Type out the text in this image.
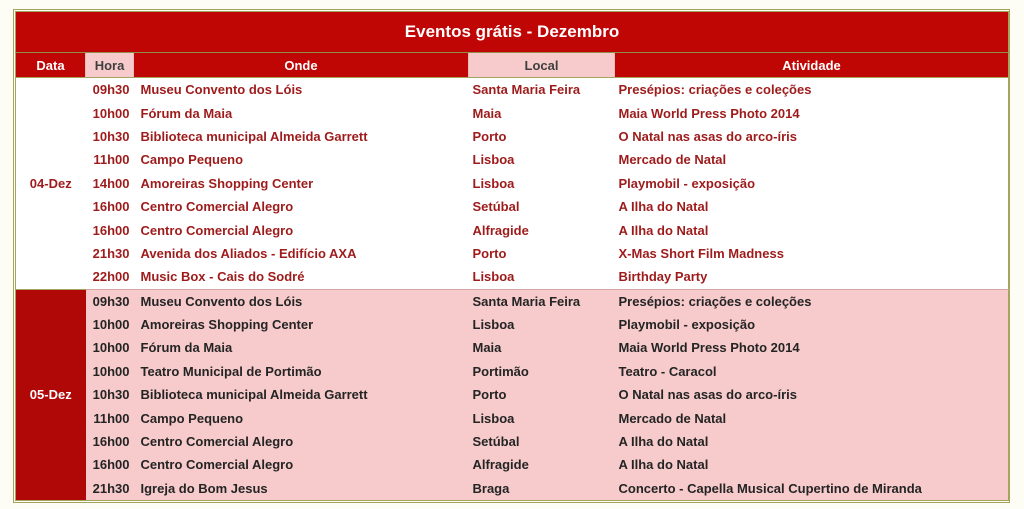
Eventos grátis - Dezembro				
Data	Hora	Onde	Local	Atividade
04-Dez	09h30	Museu Convento dos Lóis	Santa Maria Feira	Presépios: criações e coleções
	10h00	Fórum da Maia	Maia	Maia World Press Photo 2014
	10h30	Biblioteca municipal Almeida Garrett	Porto	O Natal nas asas do arco-íris
	11h00	Campo Pequeno	Lisboa	Mercado de Natal
	14h00	Amoreiras Shopping Center	Lisboa	Playmobil - exposição
	16h00	Centro Comercial Alegro	Setúbal	A Ilha do Natal
	16h00	Centro Comercial Alegro	Alfragide	A Ilha do Natal
	21h30	Avenida dos Aliados - Edifício AXA	Porto	X-Mas Short Film Madness
	22h00	Music Box - Cais do Sodré	Lisboa	Birthday Party
05-Dez	09h30	Museu Convento dos Lóis	Santa Maria Feira	Presépios: criações e coleções
	10h00	Amoreiras Shopping Center	Lisboa	Playmobil - exposição
	10h00	Fórum da Maia	Maia	Maia World Press Photo 2014
	10h00	Teatro Municipal de Portimão	Portimão	Teatro - Caracol
	10h30	Biblioteca municipal Almeida Garrett	Porto	O Natal nas asas do arco-íris
	11h00	Campo Pequeno	Lisboa	Mercado de Natal
	16h00	Centro Comercial Alegro	Setúbal	A Ilha do Natal
	16h00	Centro Comercial Alegro	Alfragide	A Ilha do Natal
	21h30	Igreja do Bom Jesus	Braga	Concerto - Capella Musical Cupertino de Miranda
